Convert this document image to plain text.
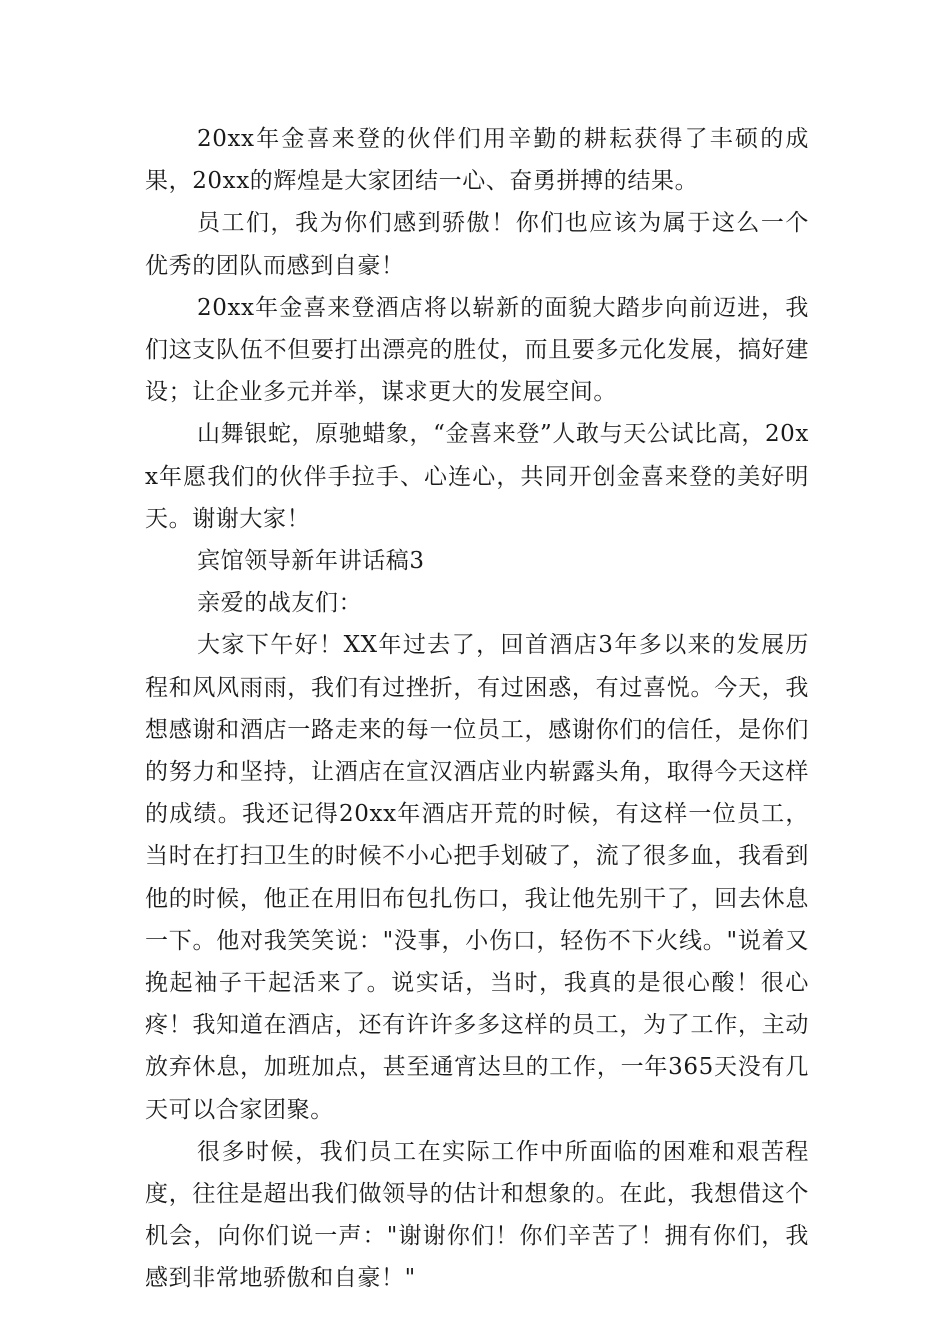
20xx年金喜来登的伙伴们用辛勤的耕耘获得了丰硕的成果，20xx的辉煌是大家团结一心、奋勇拼搏的结果。

员工们，我为你们感到骄傲！你们也应该为属于这么一个优秀的团队而感到自豪！

20xx年金喜来登酒店将以崭新的面貌大踏步向前迈进，我们这支队伍不但要打出漂亮的胜仗，而且要多元化发展，搞好建设；让企业多元并举，谋求更大的发展空间。

山舞银蛇，原驰蜡象，“金喜来登”人敢与天公试比高，20xx年愿我们的伙伴手拉手、心连心，共同开创金喜来登的美好明天。谢谢大家！

宾馆领导新年讲话稿3

亲爱的战友们：

大家下午好！XX年过去了，回首酒店3年多以来的发展历程和风风雨雨，我们有过挫折，有过困惑，有过喜悦。今天，我想感谢和酒店一路走来的每一位员工，感谢你们的信任，是你们的努力和坚持，让酒店在宣汉酒店业内崭露头角，取得今天这样的成绩。我还记得20xx年酒店开荒的时候，有这样一位员工，当时在打扫卫生的时候不小心把手划破了，流了很多血，我看到他的时候，他正在用旧布包扎伤口，我让他先别干了，回去休息一下。他对我笑笑说："没事，小伤口，轻伤不下火线。"说着又挽起袖子干起活来了。说实话，当时，我真的是很心酸！很心疼！我知道在酒店，还有许许多多这样的员工，为了工作，主动放弃休息，加班加点，甚至通宵达旦的工作，一年365天没有几天可以合家团聚。

很多时候，我们员工在实际工作中所面临的困难和艰苦程度，往往是超出我们做领导的估计和想象的。在此，我想借这个机会，向你们说一声："谢谢你们！你们辛苦了！拥有你们，我感到非常地骄傲和自豪！"
